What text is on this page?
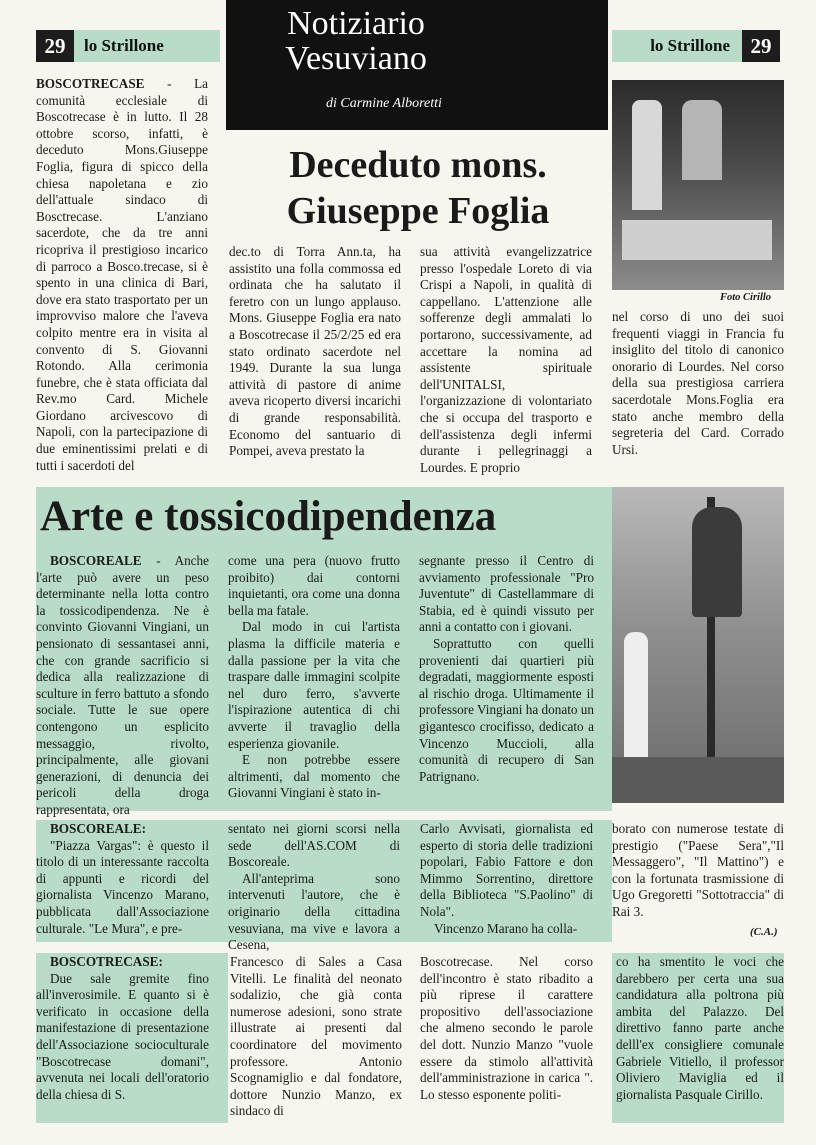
29	lo Strillone	lo Strillone 29
Notiziario
Vesuviano
di Carmine Alboretti
Deceduto mons.
Giuseppe Foglia

BOSCOTRECASE - La comunità ecclesiale di Boscotrecase è in lutto. Il 28 ottobre scorso, infatti, è deceduto Mons.Giuseppe Foglia, figura di spicco della chiesa napoletana e zio dell'attuale sindaco di Bosctrecase. L'anziano sacerdote, che da tre anni ricopriva il prestigioso incarico di parroco a Bosco.trecase, si è spento in una clinica di Bari, dove era stato trasportato per un improvviso malore che l'aveva colpito mentre era in visita al convento di S. Giovanni Rotondo. Alla cerimonia funebre, che è stata officiata dal Rev.mo Card. Michele Giordano arcivescovo di Napoli, con la partecipazione di due eminentissimi prelati e di tutti i sacerdoti del

dec.to di Torra Ann.ta, ha assistito una folla commossa ed ordinata che ha salutato il feretro con un lungo applauso. Mons. Giuseppe Foglia era nato a Boscotrecase il 25/2/25 ed era stato ordinato sacerdote nel 1949. Durante la sua lunga attività di pastore di anime aveva ricoperto diversi incarichi di grande responsabilità. Economo del santuario di Pompei, aveva prestato la

sua attività evangelizzatrice presso l'ospedale Loreto di via Crispi a Napoli, in qualità di cappellano. L'attenzione alle sofferenze degli ammalati lo portarono, successivamente, ad accettare la nomina ad assistente spirituale dell'UNITALSI, l'organizzazione di volontariato che si occupa del trasporto e dell'assistenza degli infermi durante i pellegrinaggi a Lourdes. E proprio

Foto Cirillo

nel corso di uno dei suoi frequenti viaggi in Francia fu insiglito del titolo di canonico onorario di Lourdes. Nel corso della sua prestigiosa carriera sacerdotale Mons.Foglia era stato anche membro della segreteria del Card. Corrado Ursi.

Arte e tossicodipendenza

BOSCOREALE - Anche l'arte può avere un peso determinante nella lotta contro la tossicodipendenza. Ne è convinto Giovanni Vingiani, un pensionato di sessantasei anni, che con grande sacrificio si dedica alla realizzazione di sculture in ferro battuto a sfondo sociale. Tutte le sue opere contengono un esplicito messaggio, rivolto, principalmente, alle giovani generazioni, di denuncia dei pericoli della droga rappresentata, ora

come una pera (nuovo frutto proibito) dai contorni inquietanti, ora come una donna bella ma fatale.

Dal modo in cui l'artista plasma la difficile materia e dalla passione per la vita che traspare dalle immagini scolpite nel duro ferro, s'avverte l'ispirazione autentica di chi avverte il travaglio della esperienza giovanile.

E non potrebbe essere altrimenti, dal momento che Giovanni Vingiani è stato in-

segnante presso il Centro di avviamento professionale "Pro Juventute" di Castellammare di Stabia, ed è quindi vissuto per anni a contatto con i giovani.

Soprattutto con quelli provenienti dai quartieri più degradati, maggiormente esposti al rischio droga. Ultimamente il professore Vingiani ha donato un gigantesco crocifisso, dedicato a Vincenzo Muccioli, alla comunità di recupero di San Patrignano.

BOSCOREALE:

"Piazza Vargas": è questo il titolo di un interessante raccolta di appunti e ricordi del giornalista Vincenzo Marano, pubblicata dall'Associazione culturale. "Le Mura", e pre-

sentato nei giorni scorsi nella sede dell'AS.COM di Boscoreale.

All'anteprima sono intervenuti l'autore, che è originario della cittadina vesuviana, ma vive e lavora a Cesena,

Carlo Avvisati, giornalista ed esperto di storia delle tradizioni popolari, Fabio Fattore e don Mimmo Sorrentino, direttore della Biblioteca "S.Paolino" di Nola".

Vincenzo Marano ha colla-

borato con numerose testate di prestigio ("Paese Sera","Il Messaggero", "Il Mattino") e con la fortunata trasmissione di Ugo Gregoretti "Sottotraccia" di Rai 3.

(C.A.)

BOSCOTRECASE:

Due sale gremite fino all'inverosimile. E quanto si è verificato in occasione della manifestazione di presentazione dell'Associazione socioculturale "Boscotrecase domani", avvenuta nei locali dell'oratorio della chiesa di S.

Francesco di Sales a Casa Vitelli. Le finalità del neonato sodalizio, che già conta numerose adesioni, sono strate illustrate ai presenti dal coordinatore del movimento professore. Antonio Scognamiglio e dal fondatore, dottore Nunzio Manzo, ex sindaco di

Boscotrecase. Nel corso dell'incontro è stato ribadito a più riprese il carattere propositivo dell'associazione che almeno secondo le parole del dott. Nunzio Manzo "vuole essere da stimolo all'attività dell'amministrazione in carica ". Lo stesso esponente politi-

co ha smentito le voci che darebbero per certa una sua candidatura alla poltrona più ambita del Palazzo. Del direttivo fanno parte anche delll'ex consigliere comunale Gabriele Vitiello, il professor Oliviero Maviglia ed il giornalista Pasquale Cirillo.
